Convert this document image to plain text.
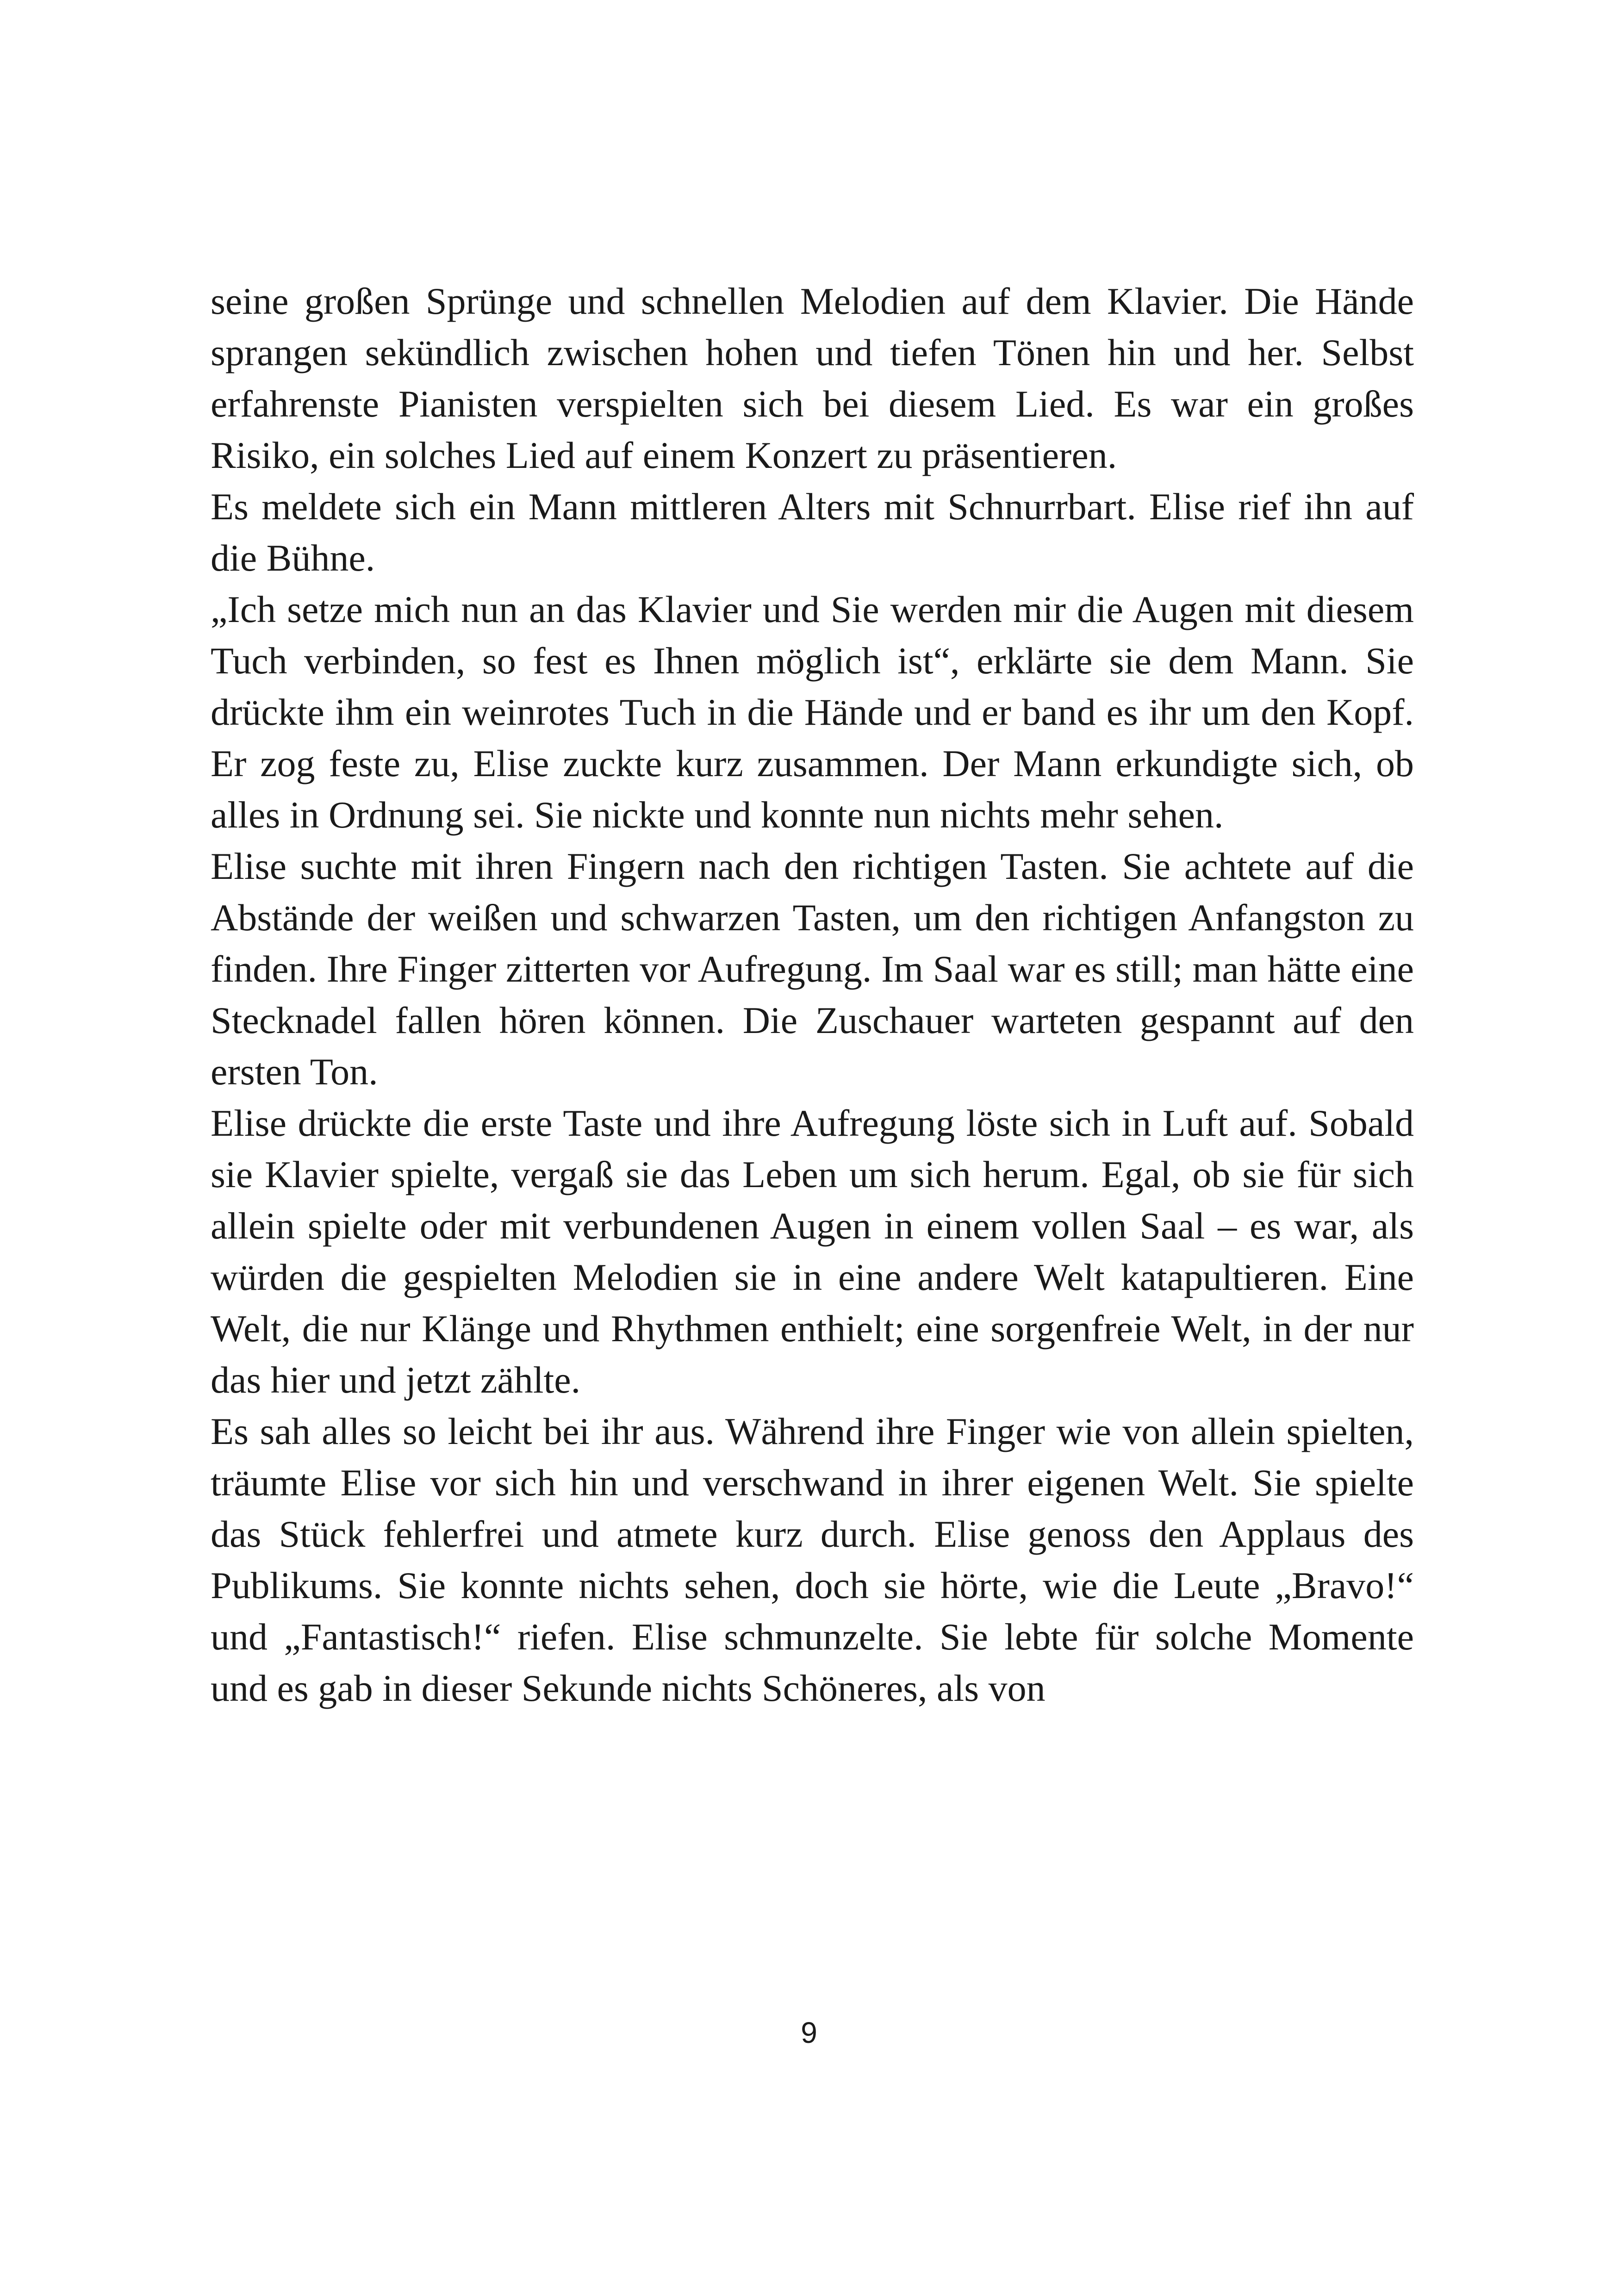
seine großen Sprünge und schnellen Melodien auf dem Klavier. Die Hände sprangen sekündlich zwischen hohen und tiefen Tönen hin und her. Selbst erfahrenste Pianisten verspielten sich bei diesem Lied. Es war ein großes Risiko, ein solches Lied auf einem Konzert zu präsentieren.

Es meldete sich ein Mann mittleren Alters mit Schnurrbart. Elise rief ihn auf die Bühne.

„Ich setze mich nun an das Klavier und Sie werden mir die Augen mit diesem Tuch verbinden, so fest es Ihnen möglich ist“, erklärte sie dem Mann. Sie drückte ihm ein weinrotes Tuch in die Hände und er band es ihr um den Kopf. Er zog feste zu, Elise zuckte kurz zusammen. Der Mann erkundigte sich, ob alles in Ordnung sei. Sie nickte und konnte nun nichts mehr sehen.

Elise suchte mit ihren Fingern nach den richtigen Tasten. Sie achtete auf die Abstände der weißen und schwarzen Tasten, um den richtigen Anfangston zu finden. Ihre Finger zitterten vor Aufregung. Im Saal war es still; man hätte eine Stecknadel fallen hören können. Die Zuschauer warteten gespannt auf den ersten Ton.

Elise drückte die erste Taste und ihre Aufregung löste sich in Luft auf. Sobald sie Klavier spielte, vergaß sie das Leben um sich herum. Egal, ob sie für sich allein spielte oder mit verbundenen Augen in einem vollen Saal – es war, als würden die gespielten Melodien sie in eine andere Welt katapultieren. Eine Welt, die nur Klänge und Rhythmen enthielt; eine sorgenfreie Welt, in der nur das hier und jetzt zählte.

Es sah alles so leicht bei ihr aus. Während ihre Finger wie von allein spielten, träumte Elise vor sich hin und verschwand in ihrer eigenen Welt. Sie spielte das Stück fehlerfrei und atmete kurz durch. Elise genoss den Applaus des Publikums. Sie konnte nichts sehen, doch sie hörte, wie die Leute „Bravo!“ und „Fantastisch!“ riefen. Elise schmunzelte. Sie lebte für solche Momente und es gab in dieser Sekunde nichts Schöneres, als von

9
